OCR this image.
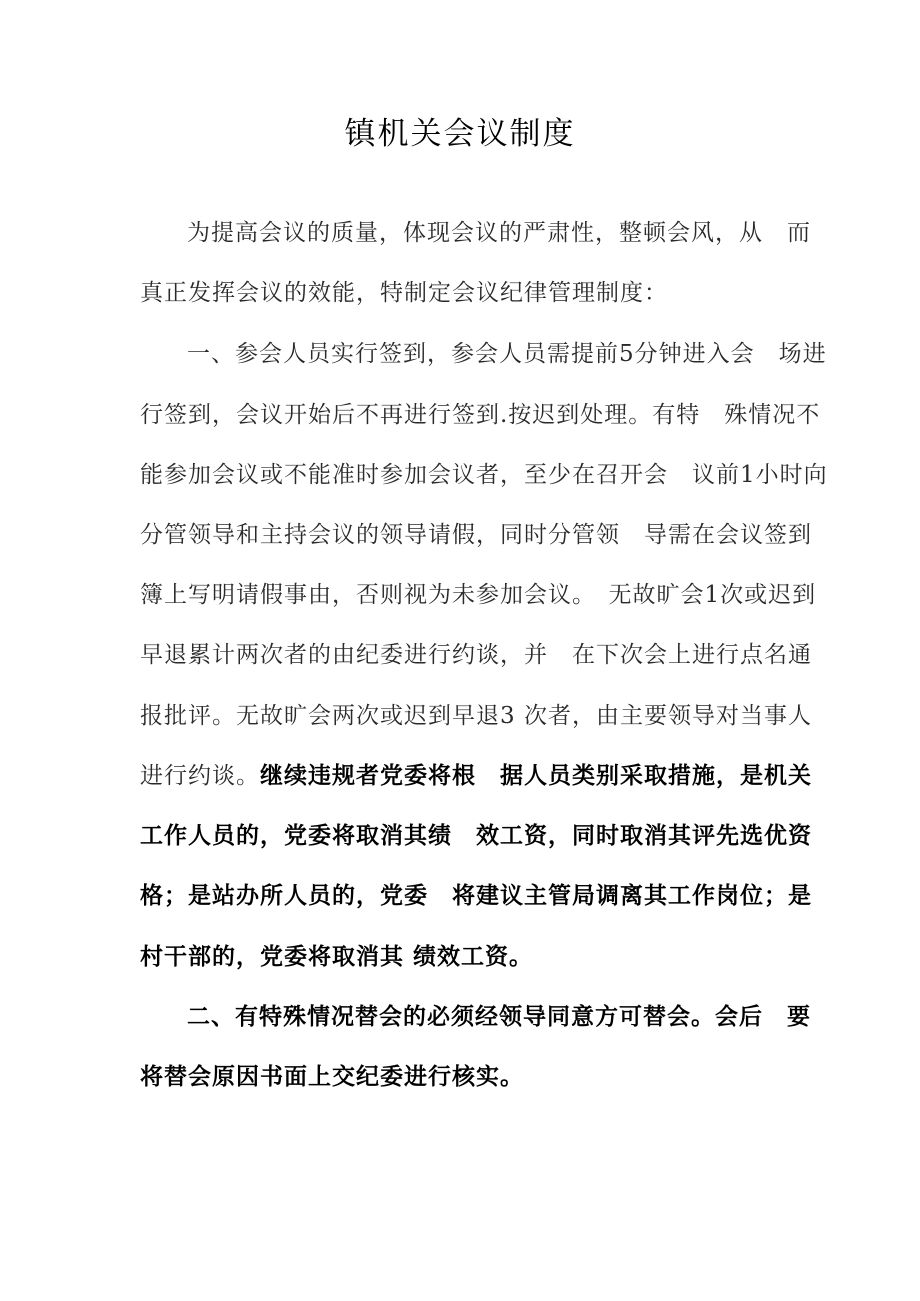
镇机关会议制度
为提高会议的质量，体现会议的严肃性，整顿会风，从　而
真正发挥会议的效能，特制定会议纪律管理制度：
一、参会人员实行签到，参会人员需提前5分钟进入会　场进
行签到，会议开始后不再进行签到.按迟到处理。有特　殊情况不
能参加会议或不能准时参加会议者，至少在召开会　议前1小时向
分管领导和主持会议的领导请假，同时分管领　导需在会议签到
簿上写明请假事由，否则视为未参加会议。　无故旷会1次或迟到
早退累计两次者的由纪委进行约谈，并　在下次会上进行点名通
报批评。无故旷会两次或迟到早退3 次者，由主要领导对当事人
进行约谈。继续违规者党委将根　据人员类别采取措施，是机关
工作人员的，党委将取消其绩　效工资，同时取消其评先选优资
格；是站办所人员的，党委　将建议主管局调离其工作岗位；是
村干部的，党委将取消其 绩效工资。
二、有特殊情况替会的必须经领导同意方可替会。会后　要
将替会原因书面上交纪委进行核实。
